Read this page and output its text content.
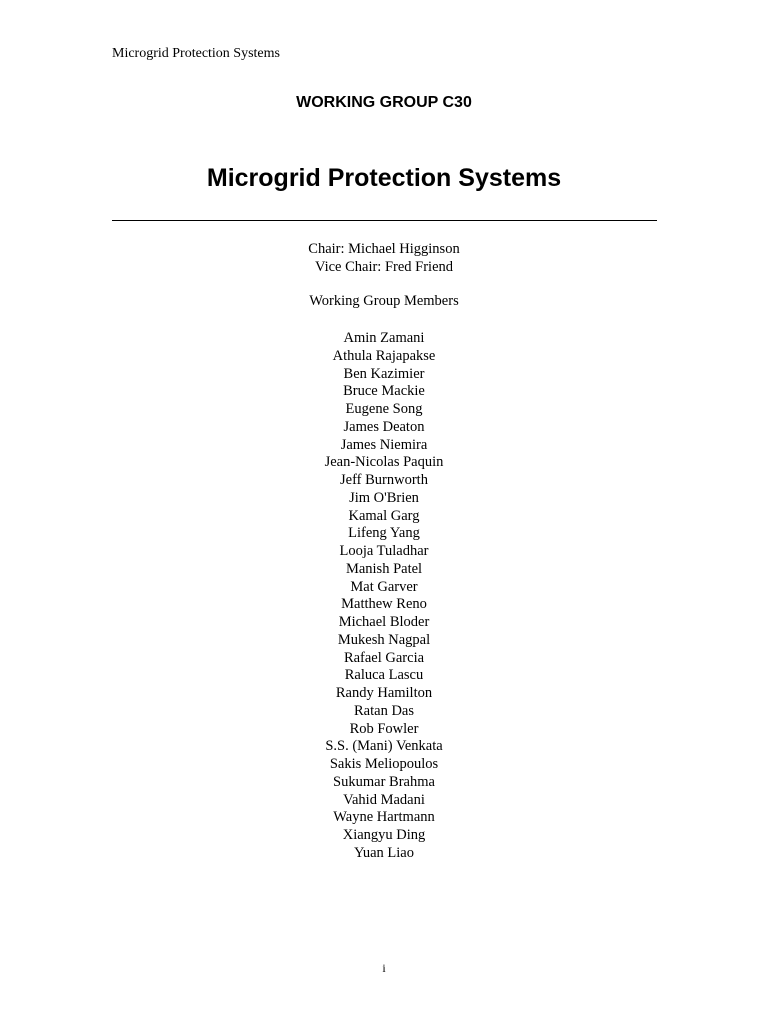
Microgrid Protection Systems
WORKING GROUP C30
Microgrid Protection Systems
Chair: Michael Higginson
Vice Chair: Fred Friend
Working Group Members
Amin Zamani
Athula Rajapakse
Ben Kazimier
Bruce Mackie
Eugene Song
James Deaton
James Niemira
Jean-Nicolas Paquin
Jeff Burnworth
Jim O'Brien
Kamal Garg
Lifeng Yang
Looja Tuladhar
Manish Patel
Mat Garver
Matthew Reno
Michael Bloder
Mukesh Nagpal
Rafael Garcia
Raluca Lascu
Randy Hamilton
Ratan Das
Rob Fowler
S.S. (Mani) Venkata
Sakis Meliopoulos
Sukumar Brahma
Vahid Madani
Wayne Hartmann
Xiangyu Ding
Yuan Liao
i
